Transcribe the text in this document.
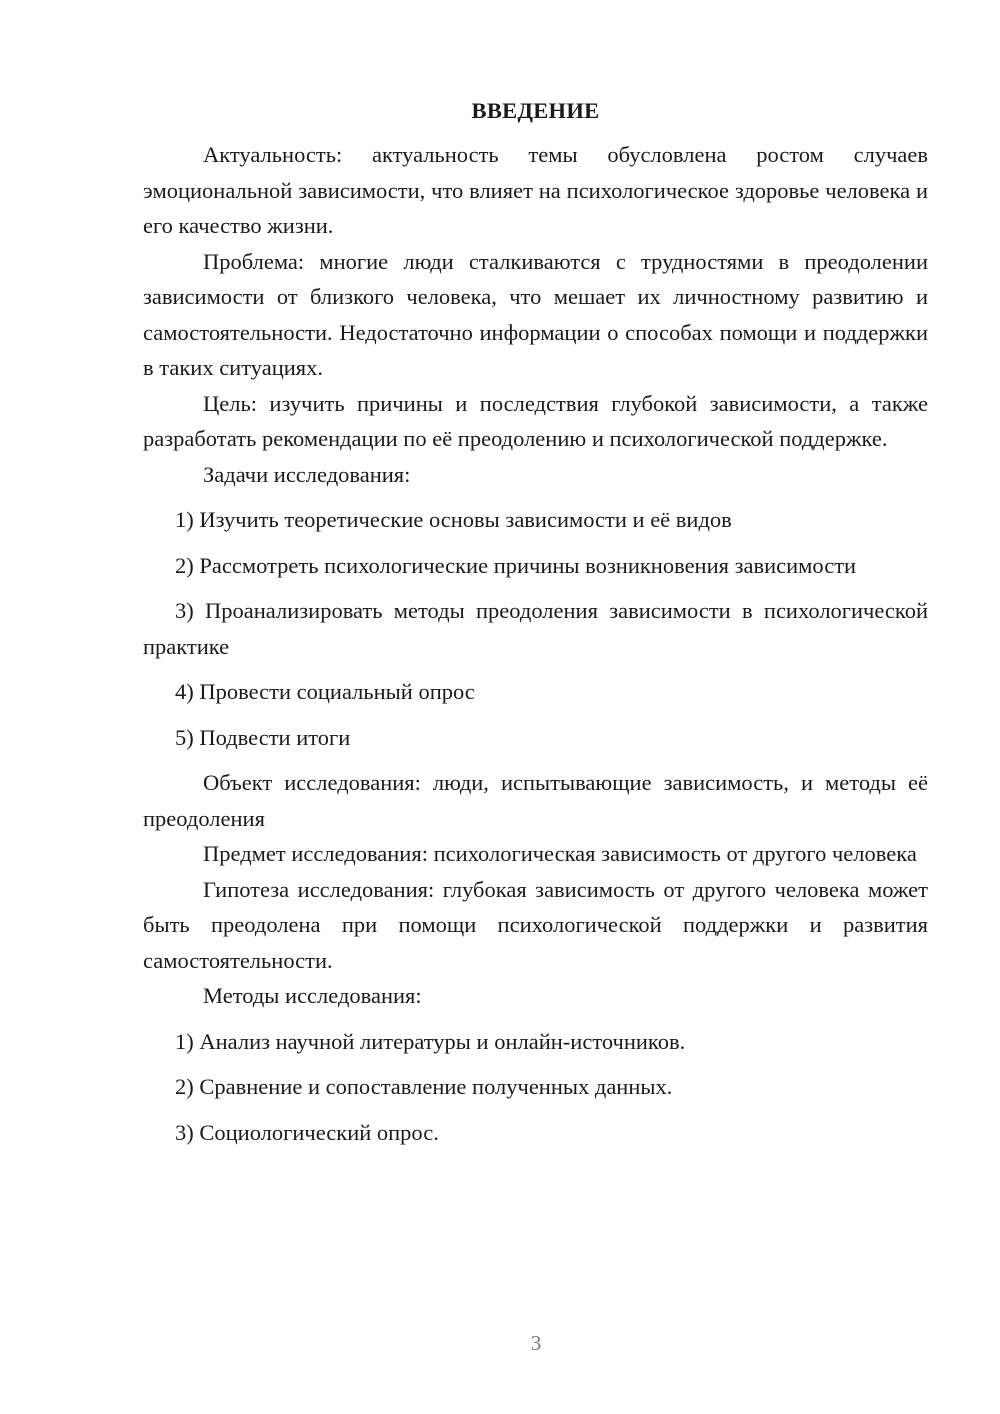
ВВЕДЕНИЕ

Актуальность: актуальность темы обусловлена ростом случаев эмоциональной зависимости, что влияет на психологическое здоровье человека и его качество жизни.

Проблема: многие люди сталкиваются с трудностями в преодолении зависимости от близкого человека, что мешает их личностному развитию и самостоятельности. Недостаточно информации о способах помощи и поддержки в таких ситуациях.

Цель: изучить причины и последствия глубокой зависимости, а также разработать рекомендации по её преодолению и психологической поддержке.

Задачи исследования:

1) Изучить теоретические основы зависимости и её видов

2) Рассмотреть психологические причины возникновения зависимости

3) Проанализировать методы преодоления зависимости в психологической практике

4) Провести социальный опрос

5) Подвести итоги

Объект исследования: люди, испытывающие зависимость, и методы её преодоления

Предмет исследования: психологическая зависимость от другого человека

Гипотеза исследования: глубокая зависимость от другого человека может быть преодолена при помощи психологической поддержки и развития самостоятельности.

Методы исследования:

1) Анализ научной литературы и онлайн-источников.

2) Сравнение и сопоставление полученных данных.

3) Социологический опрос.

3
